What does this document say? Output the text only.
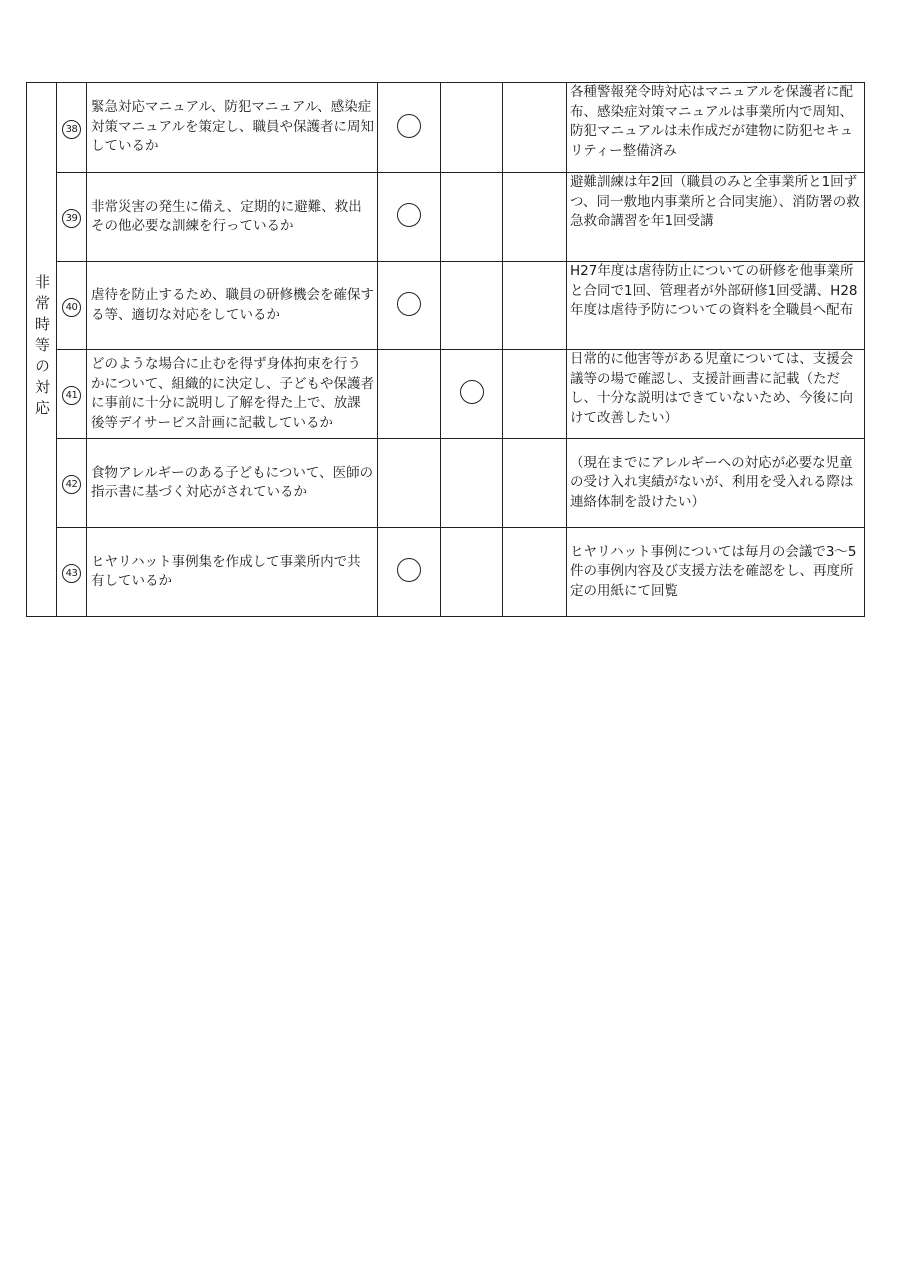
非常時等の対応	38	緊急対応マニュアル、防犯マニュアル、感染症対策マニュアルを策定し、職員や保護者に周知しているか				各種警報発令時対応はマニュアルを保護者に配布、感染症対策マニュアルは事業所内で周知、防犯マニュアルは未作成だが建物に防犯セキュリティー整備済み
	39	非常災害の発生に備え、定期的に避難、救出その他必要な訓練を行っているか				避難訓練は年2回（職員のみと全事業所と1回ずつ、同一敷地内事業所と合同実施）、消防署の救急救命講習を年1回受講
	40	虐待を防止するため、職員の研修機会を確保する等、適切な対応をしているか				H27年度は虐待防止についての研修を他事業所と合同で1回、管理者が外部研修1回受講、H28年度は虐待予防についての資料を全職員へ配布
	41	どのような場合に止むを得ず身体拘束を行うかについて、組織的に決定し、子どもや保護者に事前に十分に説明し了解を得た上で、放課後等デイサービス計画に記載しているか				日常的に他害等がある児童については、支援会議等の場で確認し、支援計画書に記載（ただし、十分な説明はできていないため、今後に向けて改善したい）
	42	食物アレルギーのある子どもについて、医師の指示書に基づく対応がされているか				（現在までにアレルギーへの対応が必要な児童の受け入れ実績がないが、利用を受入れる際は連絡体制を設けたい）
	43	ヒヤリハット事例集を作成して事業所内で共有しているか				ヒヤリハット事例については毎月の会議で3～5件の事例内容及び支援方法を確認をし、再度所定の用紙にて回覧
